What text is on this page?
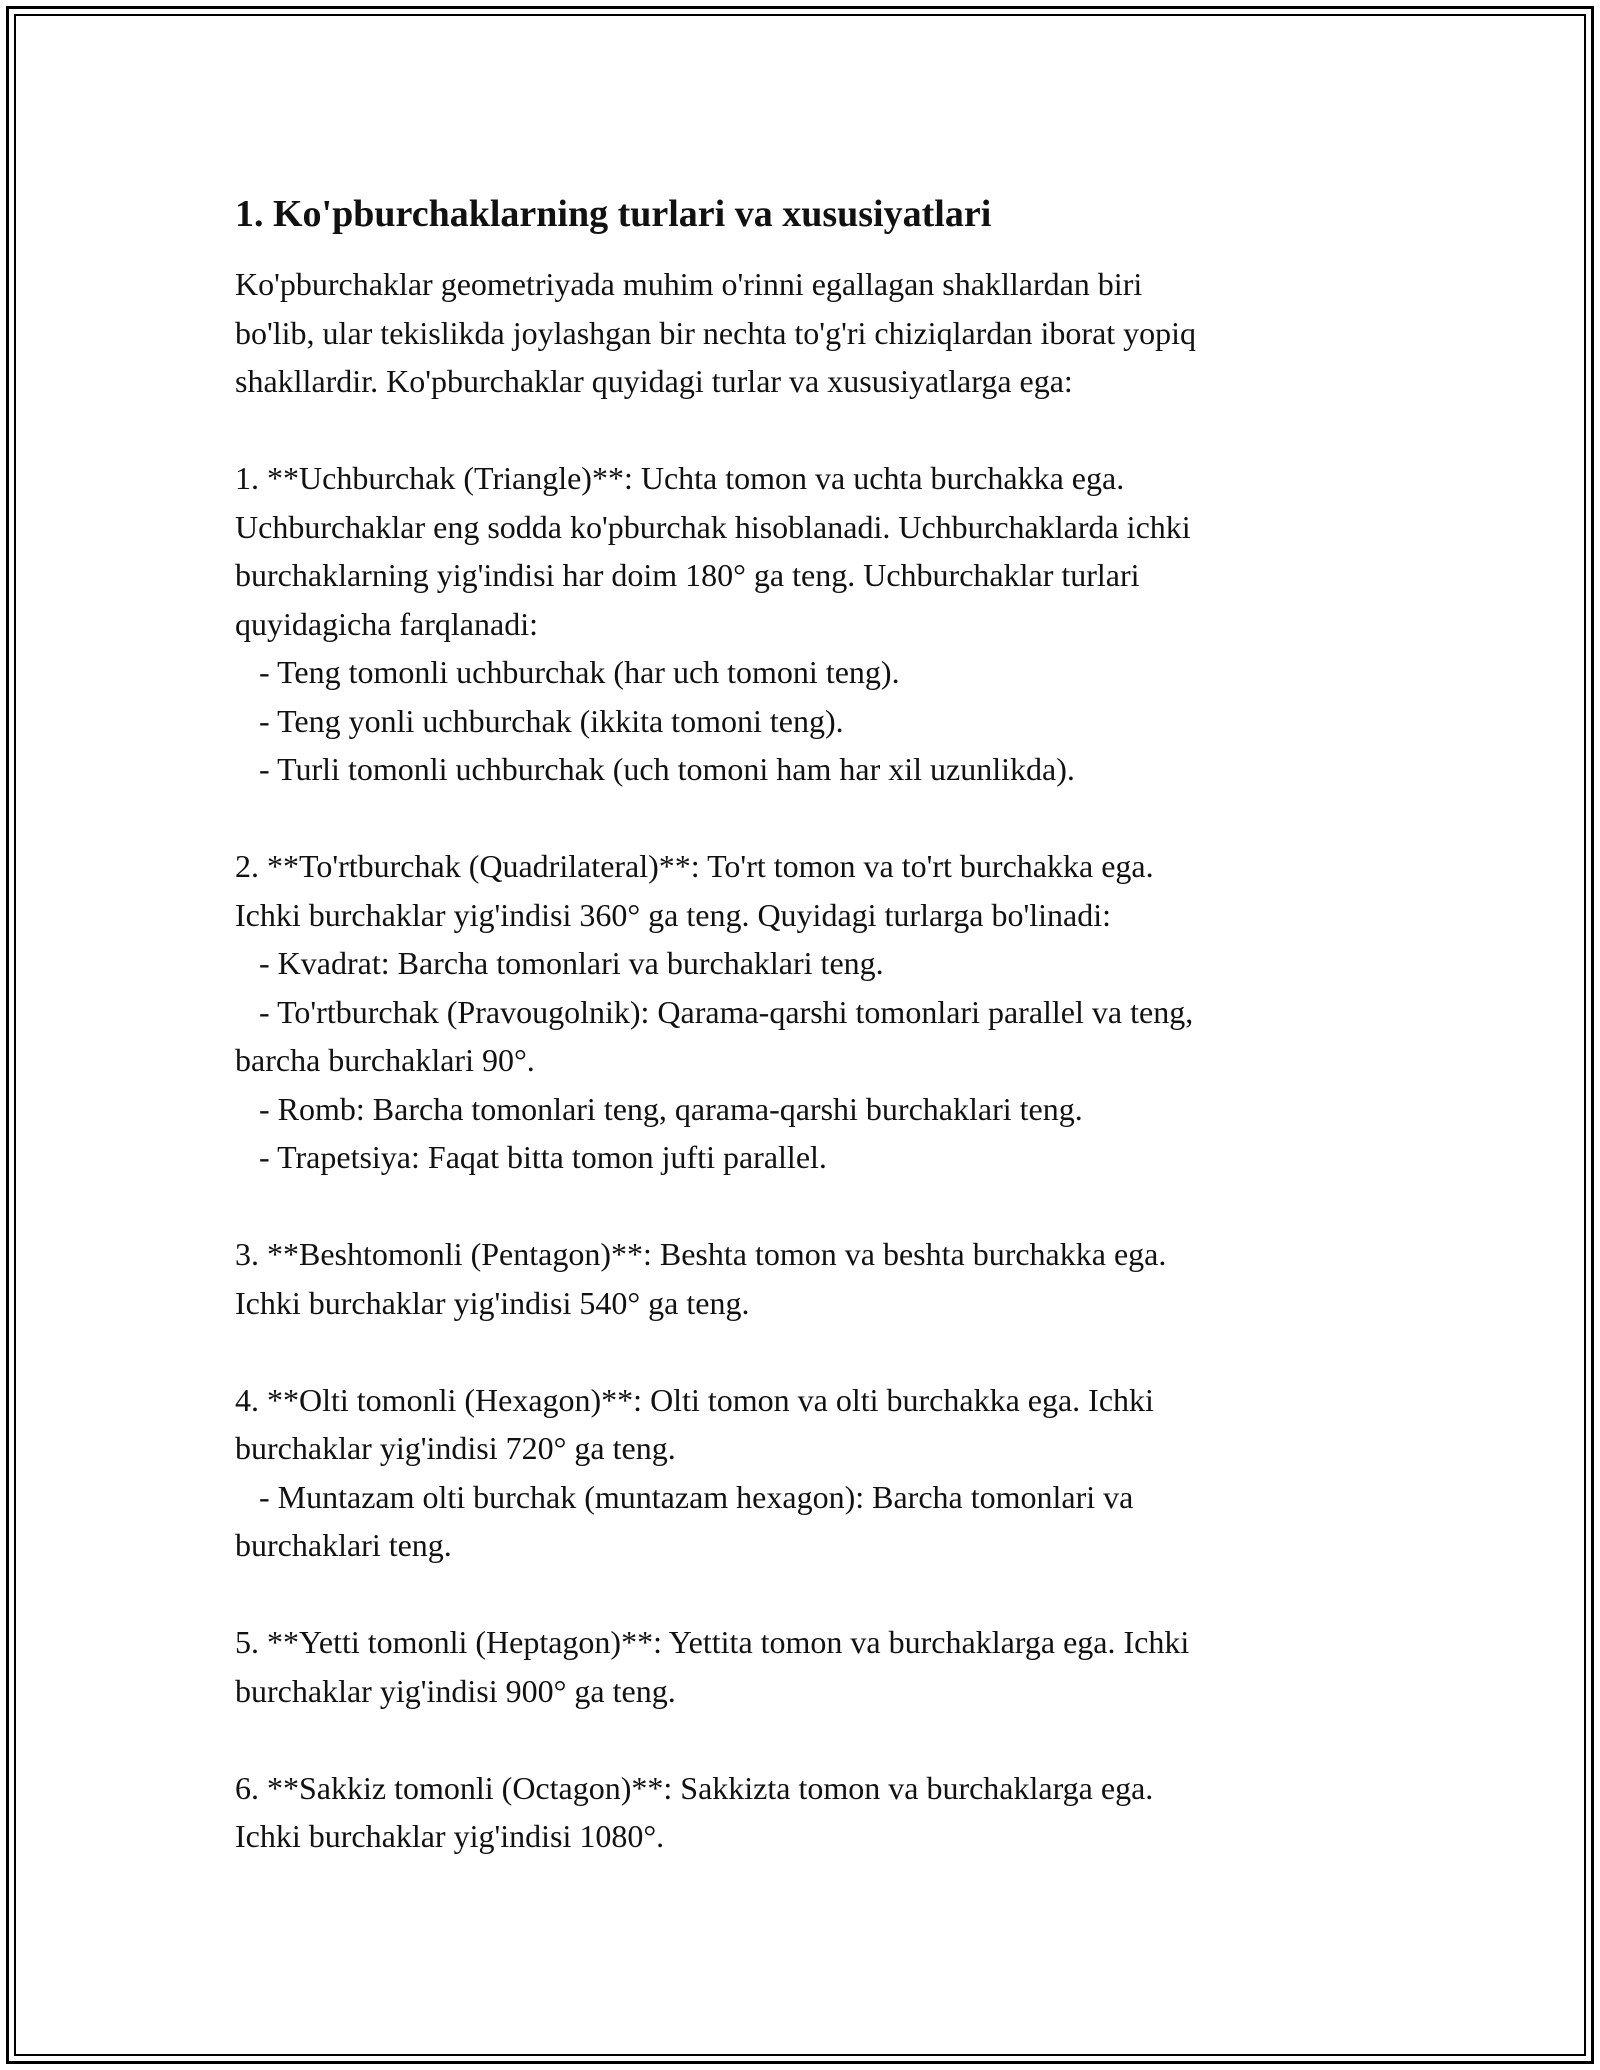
1. Ko'pburchaklarning turlari va xususiyatlari
Ko'pburchaklar geometriyada muhim o'rinni egallagan shakllardan biri
bo'lib, ular tekislikda joylashgan bir nechta to'g'ri chiziqlardan iborat yopiq
shakllardir. Ko'pburchaklar quyidagi turlar va xususiyatlarga ega:
1. **Uchburchak (Triangle)**: Uchta tomon va uchta burchakka ega.
Uchburchaklar eng sodda ko'pburchak hisoblanadi. Uchburchaklarda ichki
burchaklarning yig'indisi har doim 180° ga teng. Uchburchaklar turlari
quyidagicha farqlanadi:
- Teng tomonli uchburchak (har uch tomoni teng).
- Teng yonli uchburchak (ikkita tomoni teng).
- Turli tomonli uchburchak (uch tomoni ham har xil uzunlikda).
2. **To'rtburchak (Quadrilateral)**: To'rt tomon va to'rt burchakka ega.
Ichki burchaklar yig'indisi 360° ga teng. Quyidagi turlarga bo'linadi:
- Kvadrat: Barcha tomonlari va burchaklari teng.
- To'rtburchak (Pravougolnik): Qarama-qarshi tomonlari parallel va teng,
barcha burchaklari 90°.
- Romb: Barcha tomonlari teng, qarama-qarshi burchaklari teng.
- Trapetsiya: Faqat bitta tomon jufti parallel.
3. **Beshtomonli (Pentagon)**: Beshta tomon va beshta burchakka ega.
Ichki burchaklar yig'indisi 540° ga teng.
4. **Olti tomonli (Hexagon)**: Olti tomon va olti burchakka ega. Ichki
burchaklar yig'indisi 720° ga teng.
- Muntazam olti burchak (muntazam hexagon): Barcha tomonlari va
burchaklari teng.
5. **Yetti tomonli (Heptagon)**: Yettita tomon va burchaklarga ega. Ichki
burchaklar yig'indisi 900° ga teng.
6. **Sakkiz tomonli (Octagon)**: Sakkizta tomon va burchaklarga ega.
Ichki burchaklar yig'indisi 1080°.
